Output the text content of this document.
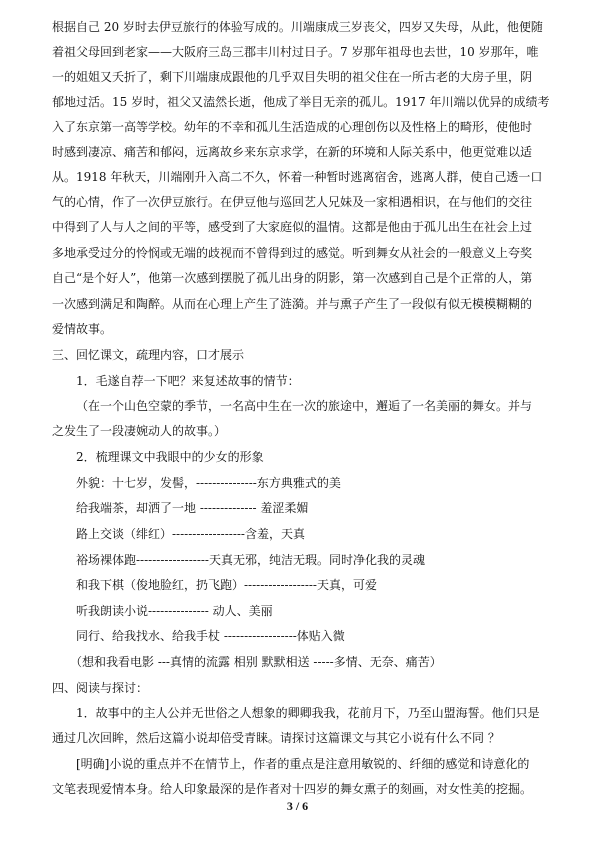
根据自己 20 岁时去伊豆旅行的体验写成的。川端康成三岁丧父，四岁又失母，从此，他便随
着祖父母回到老家——大阪府三岛三郡丰川村过日子。7 岁那年祖母也去世，10 岁那年，唯
一的姐姐又夭折了，剩下川端康成跟他的几乎双目失明的祖父住在一所古老的大房子里，阴
郁地过活。15 岁时，祖父又溘然长逝，他成了举目无亲的孤儿。1917 年川端以优异的成绩考
入了东京第一高等学校。幼年的不幸和孤儿生活造成的心理创伤以及性格上的畸形，使他时
时感到凄凉、痛苦和郁闷，远离故乡来东京求学，在新的环境和人际关系中，他更觉难以适
从。1918 年秋天，川端刚升入高二不久，怀着一种暂时逃离宿舍，逃离人群，使自己透一口
气的心情，作了一次伊豆旅行。在伊豆他与巡回艺人兄妹及一家相遇相识，在与他们的交往
中得到了人与人之间的平等，感受到了大家庭似的温情。这都是他由于孤儿出生在社会上过
多地承受过分的怜悯或无端的歧视而不曾得到过的感觉。听到舞女从社会的一般意义上夸奖
自己“是个好人”，他第一次感到摆脱了孤儿出身的阴影，第一次感到自己是个正常的人，第
一次感到满足和陶醉。从而在心理上产生了涟漪。并与熏子产生了一段似有似无模模糊糊的
爱情故事。
三、回忆课文，疏理内容，口才展示
1．毛遂自荐一下吧？来复述故事的情节：
（在一个山色空蒙的季节，一名高中生在一次的旅途中，邂逅了一名美丽的舞女。并与
之发生了一段凄婉动人的故事。）
2．梳理课文中我眼中的少女的形象
外貌：十七岁，发髻，---------------东方典雅式的美
给我端茶，却洒了一地 -------------- 羞涩柔媚
路上交谈（绯红）------------------含羞，天真
裕场裸体跑------------------天真无邪，纯洁无瑕。同时净化我的灵魂
和我下棋（俊地脸红，扔飞跑）------------------天真，可爱
听我朗读小说--------------- 动人、美丽
同行、给我找水、给我手杖 ------------------体贴入微
（想和我看电影 ---真情的流露 相别 默默相送 -----多情、无奈、痛苦）
四、阅读与探讨：
1．故事中的主人公并无世俗之人想象的卿卿我我，花前月下，乃至山盟海誓。他们只是
通过几次回眸，然后这篇小说却倍受青睐。请探讨这篇课文与其它小说有什么不同 ？
[明确]小说的重点并不在情节上，作者的重点是注意用敏锐的、纤细的感觉和诗意化的
文笔表现爱情本身。给人印象最深的是作者对十四岁的舞女熏子的刻画，对女性美的挖掘。
3 / 6
